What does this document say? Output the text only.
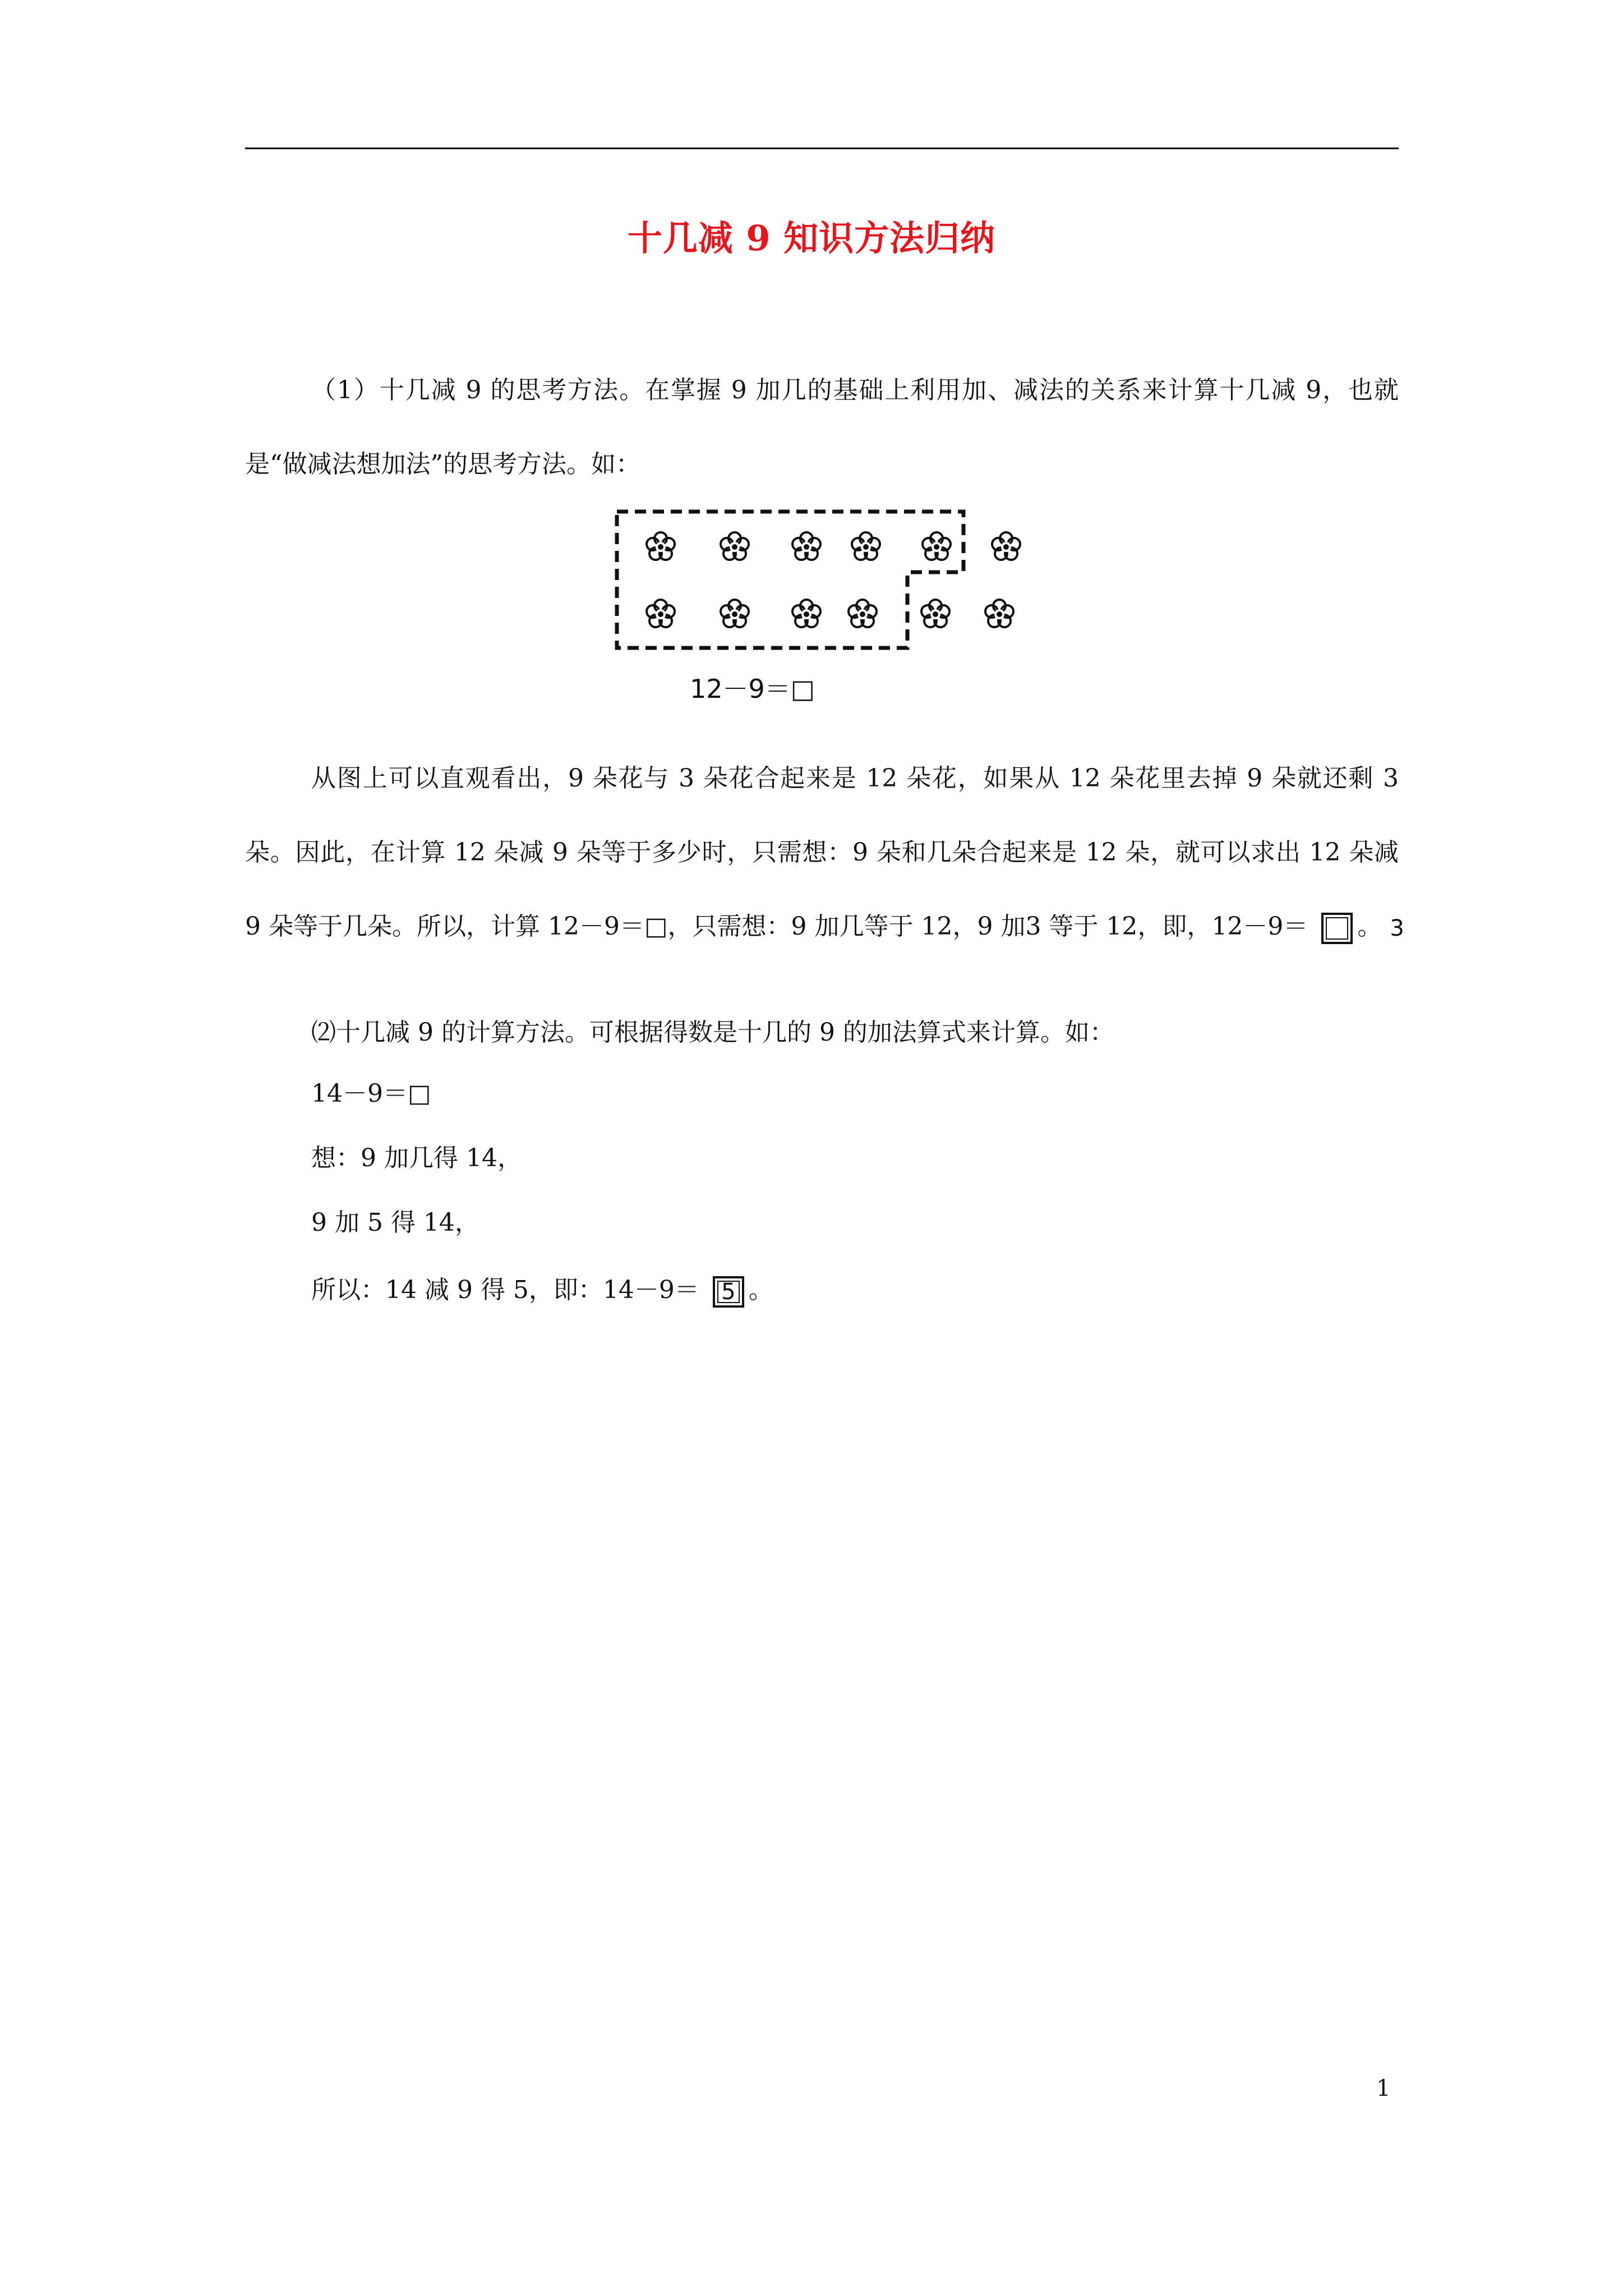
十几减 9 知识方法归纳

（1）十几减 9 的思考方法。在掌握 9 加几的基础上利用加、减法的关系来计算十几减 9，也就是“做减法想加法”的思考方法。如：

12－9＝□

从图上可以直观看出，9 朵花与 3 朵花合起来是 12 朵花，如果从 12 朵花里去掉 9 朵就还剩 3 朵。因此，在计算 12 朵减 9 朵等于多少时，只需想：9 朵和几朵合起来是 12 朵，就可以求出 12 朵减 9 朵等于几朵。所以，计算 12－9＝□，只需想：9 加几等于 12，9 加3 等于 12，即，12－9＝	3。

⑵十几减 9 的计算方法。可根据得数是十几的 9 的加法算式来计算。如：

14－9＝□
想：9 加几得 14，
9 加 5 得 14，
所以：14 减 9 得 5，即：14－9＝ 5 。
1
